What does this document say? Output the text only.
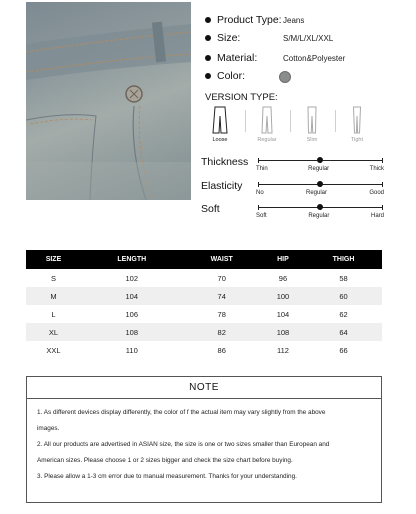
Product Type: Jeans
Size:	S/M/L/XL/XXL
Material:	Cotton&Polyester
Color:
VERSION TYPE:
Loose	Regular	Slim	Tight
Thickness
Thin	Regular	Thick
Elasticity
No	Regular	Good
Soft
Soft	Regular	Hard
SIZE	LENGTH	WAIST	HIP	THIGH
S	102	70	96	58
M	104	74	100	60
L	106	78	104	62
XL	108	82	108	64
XXL	110	86	112	66
NOTE
1. As different devices display differently, the color of f the actual item may vary slightly from the above
images.
2. All our products are advertised in ASIAN size, the size is one or two sizes smaller than European and
American sizes. Please choose 1 or 2 sizes bigger and check the size chart before buying.
3. Please allow a 1-3 cm error due to manual measurement. Thanks for your understanding.
